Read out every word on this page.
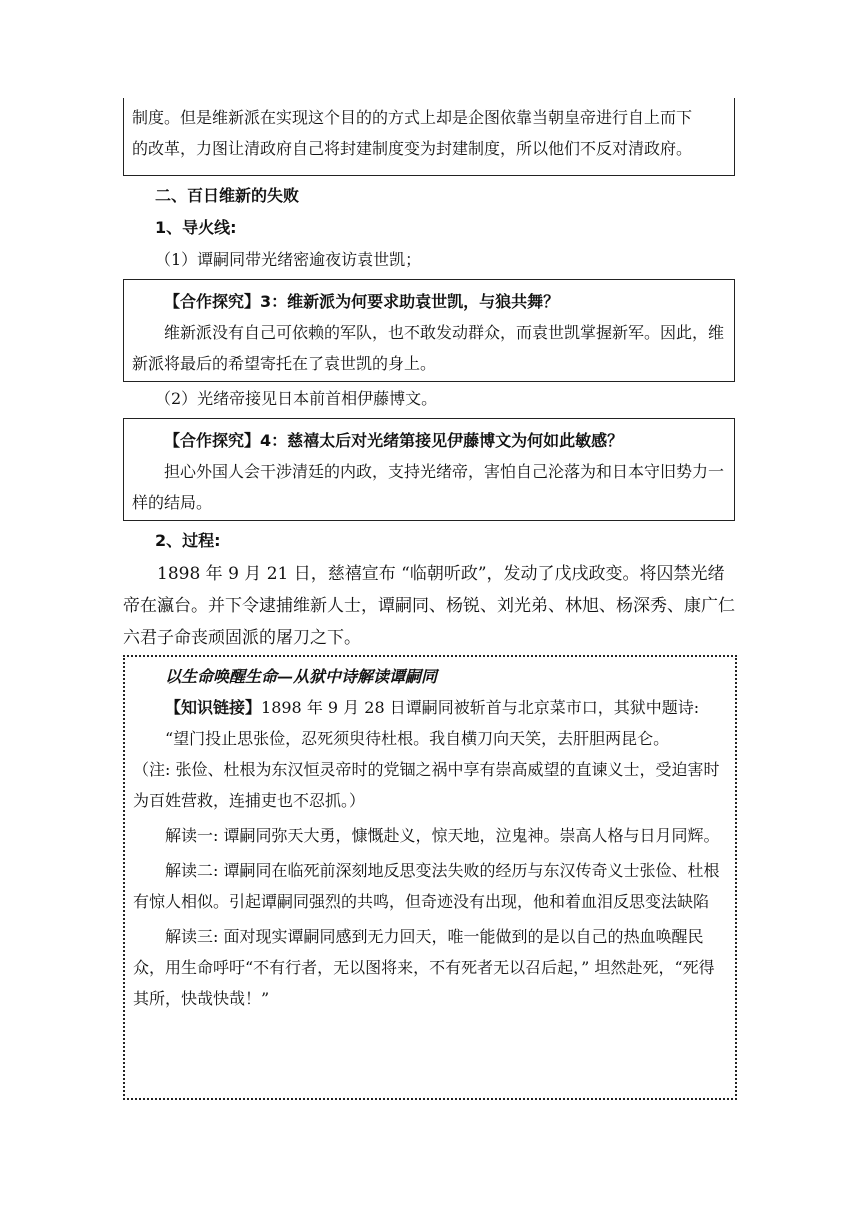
制度。但是维新派在实现这个目的的方式上却是企图依靠当朝皇帝进行自上而下
的改革，力图让清政府自己将封建制度变为封建制度，所以他们不反对清政府。
二、百日维新的失败
1、导火线:
（1）谭嗣同带光绪密逾夜访袁世凯；
【合作探究】3：维新派为何要求助袁世凯，与狼共舞？
维新派没有自己可依赖的军队，也不敢发动群众，而袁世凯掌握新军。因此，维新派将最后的希望寄托在了袁世凯的身上。
（2）光绪帝接见日本前首相伊藤博文。
【合作探究】4：慈禧太后对光绪第接见伊藤博文为何如此敏感？
担心外国人会干涉清廷的内政，支持光绪帝，害怕自己沦落为和日本守旧势力一样的结局。
2、过程:
1898 年 9 月 21 日，慈禧宣布 “临朝听政”，发动了戊戌政变。将囚禁光绪帝在瀛台。并下令逮捕维新人士，谭嗣同、杨锐、刘光弟、林旭、杨深秀、康广仁六君子命丧顽固派的屠刀之下。
以生命唤醒生命—从狱中诗解读谭嗣同
【知识链接】1898 年 9 月 28 日谭嗣同被斩首与北京菜市口，其狱中题诗:
“望门投止思张俭，忍死须臾待杜根。我自横刀向天笑，去肝胆两昆仑。
（注: 张俭、杜根为东汉恒灵帝时的党锢之祸中享有崇高威望的直谏义士，受迫害时为百姓营救，连捕吏也不忍抓。）
解读一: 谭嗣同弥天大勇，慷慨赴义，惊天地，泣鬼神。崇高人格与日月同辉。
解读二: 谭嗣同在临死前深刻地反思变法失败的经历与东汉传奇义士张俭、杜根有惊人相似。引起谭嗣同强烈的共鸣，但奇迹没有出现，他和着血泪反思变法缺陷
解读三: 面对现实谭嗣同感到无力回天，唯一能做到的是以自己的热血唤醒民众，用生命呼吁“不有行者，无以图将来，不有死者无以召后起，” 坦然赴死，“死得其所，快哉快哉！”
